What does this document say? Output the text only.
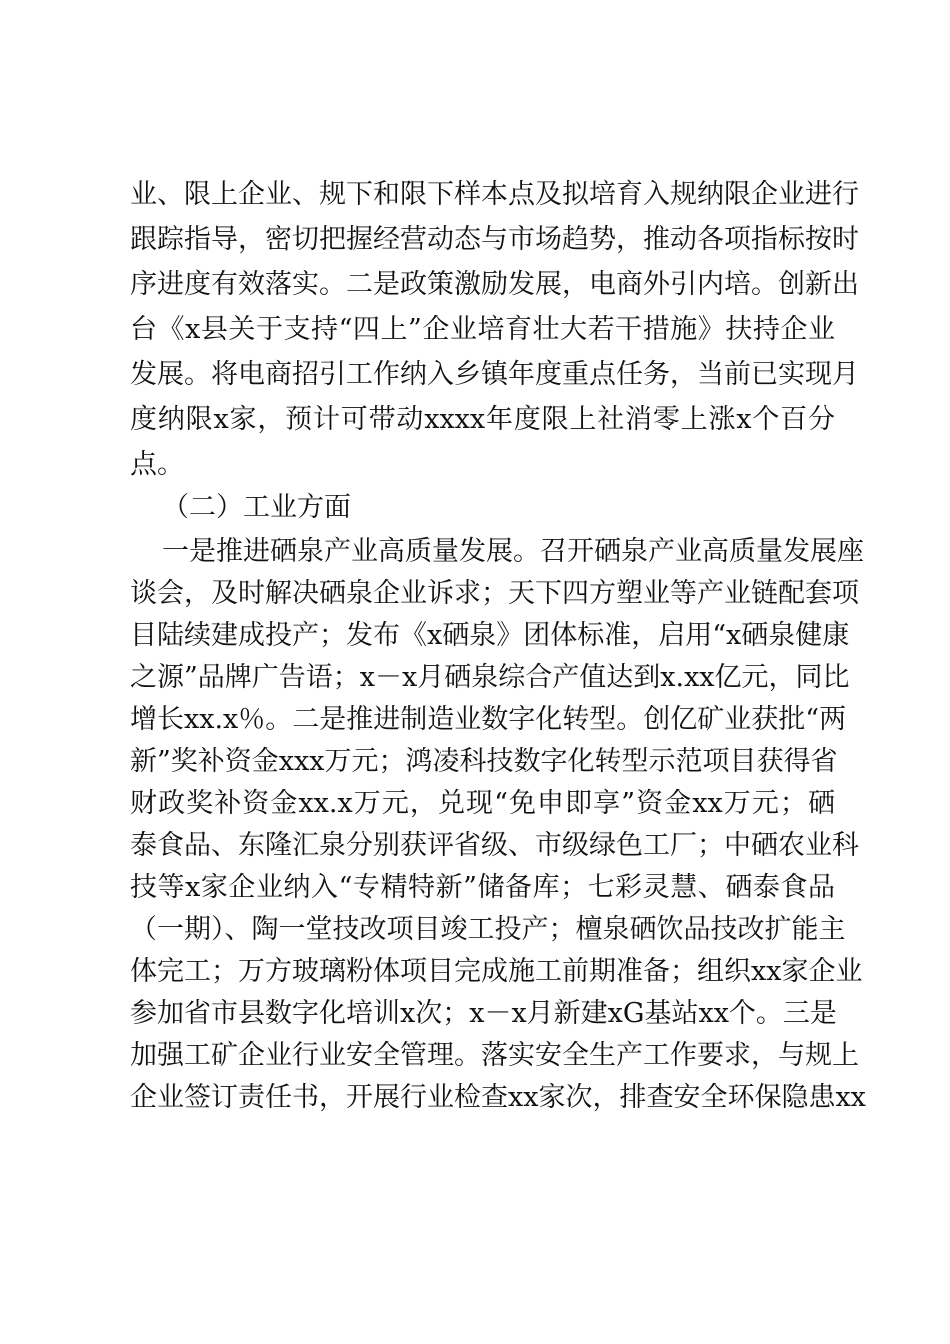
业、限上企业、规下和限下样本点及拟培育入规纳限企业进行
跟踪指导，密切把握经营动态与市场趋势，推动各项指标按时
序进度有效落实。二是政策激励发展，电商外引内培。创新出
台《x县关于支持“四上”企业培育壮大若干措施》扶持企业
发展。将电商招引工作纳入乡镇年度重点任务，当前已实现月
度纳限x家，预计可带动xxxx年度限上社消零上涨x个百分
点。
（二）工业方面
一是推进硒泉产业高质量发展。召开硒泉产业高质量发展座
谈会，及时解决硒泉企业诉求；天下四方塑业等产业链配套项
目陆续建成投产；发布《x硒泉》团体标准，启用“x硒泉健康
之源”品牌广告语；x－x月硒泉综合产值达到x.xx亿元，同比
增长xx.x％。二是推进制造业数字化转型。创亿矿业获批“两
新”奖补资金xxx万元；鸿凌科技数字化转型示范项目获得省
财政奖补资金xx.x万元，兑现“免申即享”资金xx万元；硒
泰食品、东隆汇泉分别获评省级、市级绿色工厂；中硒农业科
技等x家企业纳入“专精特新”储备库；七彩灵慧、硒泰食品
（一期）、陶一堂技改项目竣工投产；檀泉硒饮品技改扩能主
体完工；万方玻璃粉体项目完成施工前期准备；组织xx家企业
参加省市县数字化培训x次；x－x月新建xG基站xx个。三是
加强工矿企业行业安全管理。落实安全生产工作要求，与规上
企业签订责任书，开展行业检查xx家次，排查安全环保隐患xx
